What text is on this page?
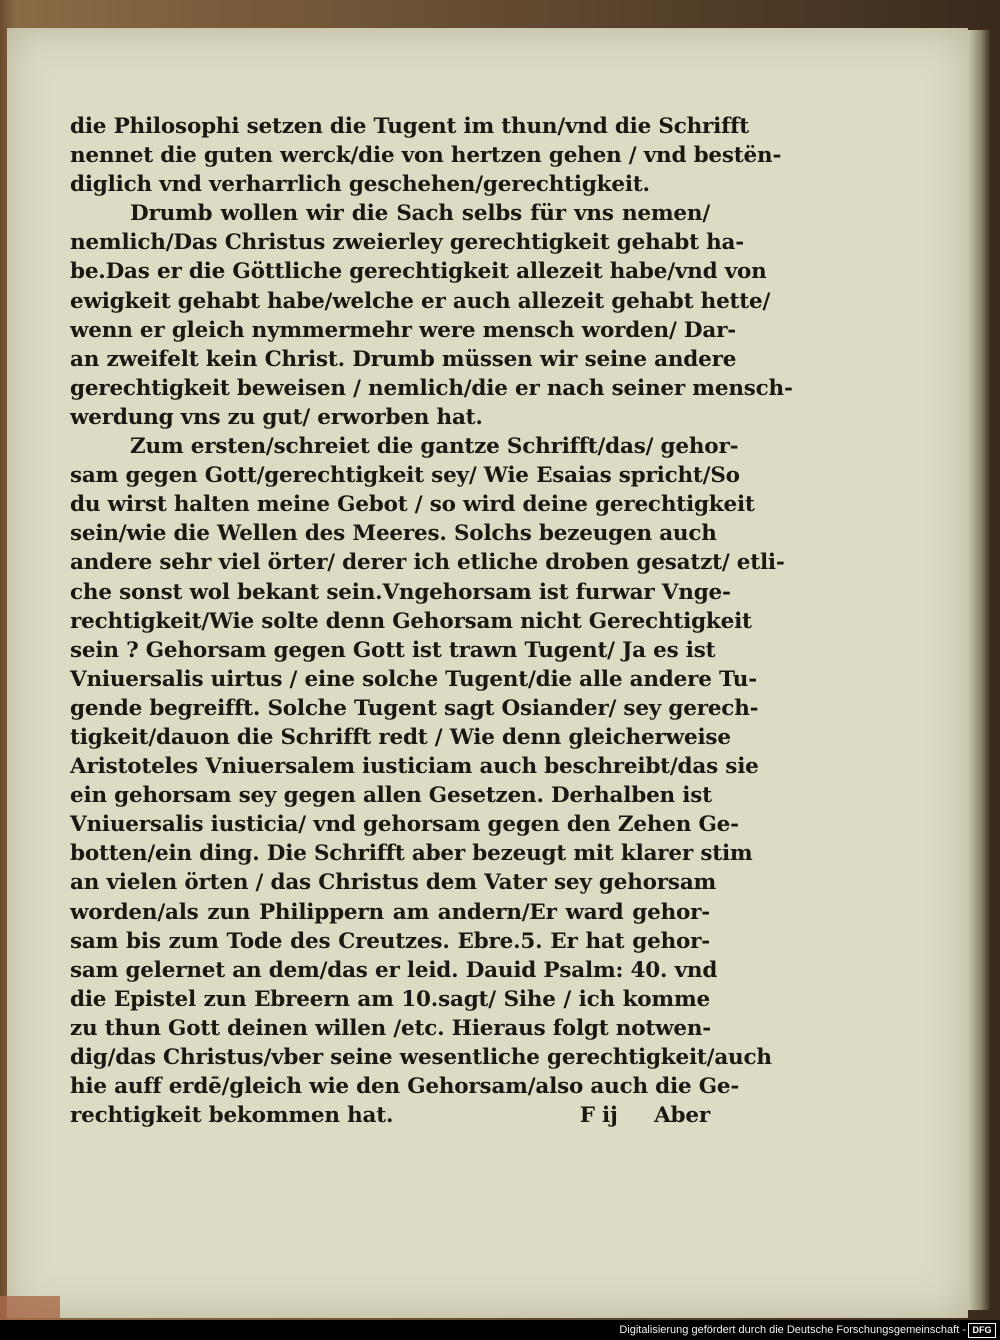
die Philosophi setzen die Tugent im thun/vnd die Schrifft
nennet die guten werck/die von hertzen gehen / vnd bestën-
diglich vnd verharrlich geschehen/gerechtigkeit.
Drumb wollen wir die Sach selbs für vns nemen/
nemlich/Das Christus zweierley gerechtigkeit gehabt ha-
be.Das er die Göttliche gerechtigkeit allezeit habe/vnd von
ewigkeit gehabt habe/welche er auch allezeit gehabt hette/
wenn er gleich nymmermehr were mensch worden/ Dar-
an zweifelt kein Christ. Drumb müssen wir seine andere
gerechtigkeit beweisen / nemlich/die er nach seiner mensch-
werdung vns zu gut/ erworben hat.
Zum ersten/schreiet die gantze Schrifft/das/ gehor-
sam gegen Gott/gerechtigkeit sey/ Wie Esaias spricht/So
du wirst halten meine Gebot / so wird deine gerechtigkeit
sein/wie die Wellen des Meeres. Solchs bezeugen auch
andere sehr viel örter/ derer ich etliche droben gesatzt/ etli-
che sonst wol bekant sein.Vngehorsam ist furwar Vnge-
rechtigkeit/Wie solte denn Gehorsam nicht Gerechtigkeit
sein ? Gehorsam gegen Gott ist trawn Tugent/ Ja es ist
Vniuersalis uirtus / eine solche Tugent/die alle andere Tu-
gende begreifft. Solche Tugent sagt Osiander/ sey gerech-
tigkeit/dauon die Schrifft redt / Wie denn gleicherweise
Aristoteles Vniuersalem iusticiam auch beschreibt/das sie
ein gehorsam sey gegen allen Gesetzen. Derhalben ist
Vniuersalis iusticia/ vnd gehorsam gegen den Zehen Ge-
botten/ein ding. Die Schrifft aber bezeugt mit klarer stim
an vielen örten / das Christus dem Vater sey gehorsam
worden/als zun Philippern am andern/Er ward gehor-
sam bis zum Tode des Creutzes. Ebre.5. Er hat gehor-
sam gelernet an dem/das er leid. Dauid Psalm: 40. vnd
die Epistel zun Ebreern am 10.sagt/ Sihe / ich komme
zu thun Gott deinen willen /etc. Hieraus folgt notwen-
dig/das Christus/vber seine wesentliche gerechtigkeit/auch
hie auff erdē/gleich wie den Gehorsam/also auch die Ge-
rechtigkeit bekommen hat.	F ij Aber
Digitalisierung gefördert durch die Deutsche Forschungsgemeinschaft - DFG
